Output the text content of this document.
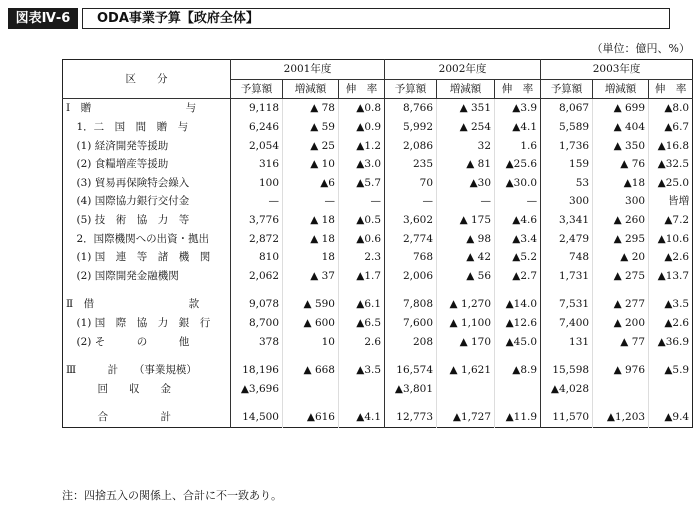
図表Ⅳ-6	ODA事業予算【政府全体】
（単位：億円、%）
区　　分	2001年度			2002年度			2003年度		
	予算額	増減額	伸　率	予算額	増減額	伸　率	予算額	増減額	伸　率
Ⅰ　贈　　　　　　　　　与	9,118	▲ 78	▲0.8	8,766	▲ 351	▲3.9	8,067	▲ 699	▲8.0
　1．二　国　間　贈　与	6,246	▲ 59	▲0.9	5,992	▲ 254	▲4.1	5,589	▲ 404	▲6.7
　(1) 経済開発等援助	2,054	▲ 25	▲1.2	2,086	32	1.6	1,736	▲ 350	▲16.8
　(2) 食糧増産等援助	316	▲ 10	▲3.0	235	▲ 81	▲25.6	159	▲ 76	▲32.5
　(3) 貿易再保険特会繰入	100	▲6	▲5.7	70	▲30	▲30.0	53	▲18	▲25.0
　(4) 国際協力銀行交付金	—	—	—	—	—	—	300	300	皆増
　(5) 技　術　協　力　等	3,776	▲ 18	▲0.5	3,602	▲ 175	▲4.6	3,341	▲ 260	▲7.2
　2．国際機関への出資・拠出	2,872	▲ 18	▲0.6	2,774	▲ 98	▲3.4	2,479	▲ 295	▲10.6
　(1) 国　連　等　諸　機　関	810	18	2.3	768	▲ 42	▲5.2	748	▲ 20	▲2.6
　(2) 国際開発金融機関	2,062	▲ 37	▲1.7	2,006	▲ 56	▲2.7	1,731	▲ 275	▲13.7

Ⅱ　借　　　　　　　　　款	9,078	▲ 590	▲6.1	7,808	▲ 1,270	▲14.0	7,531	▲ 277	▲3.5
　(1) 国　際　協　力　銀　行	8,700	▲ 600	▲6.5	7,600	▲ 1,100	▲12.6	7,400	▲ 200	▲2.6
　(2) そ　　　の　　　他	378	10	2.6	208	▲ 170	▲45.0	131	▲ 77	▲36.9

Ⅲ　　　計　　（事業規模）	18,196	▲ 668	▲3.5	16,574	▲ 1,621	▲8.9	15,598	▲ 976	▲5.9
　　　回　　収　　金	▲3,696			▲3,801			▲4,028		

　　　合　　　　　計	14,500	▲616	▲4.1	12,773	▲1,727	▲11.9	11,570	▲1,203	▲9.4
注：四捨五入の関係上、合計に不一致あり。
